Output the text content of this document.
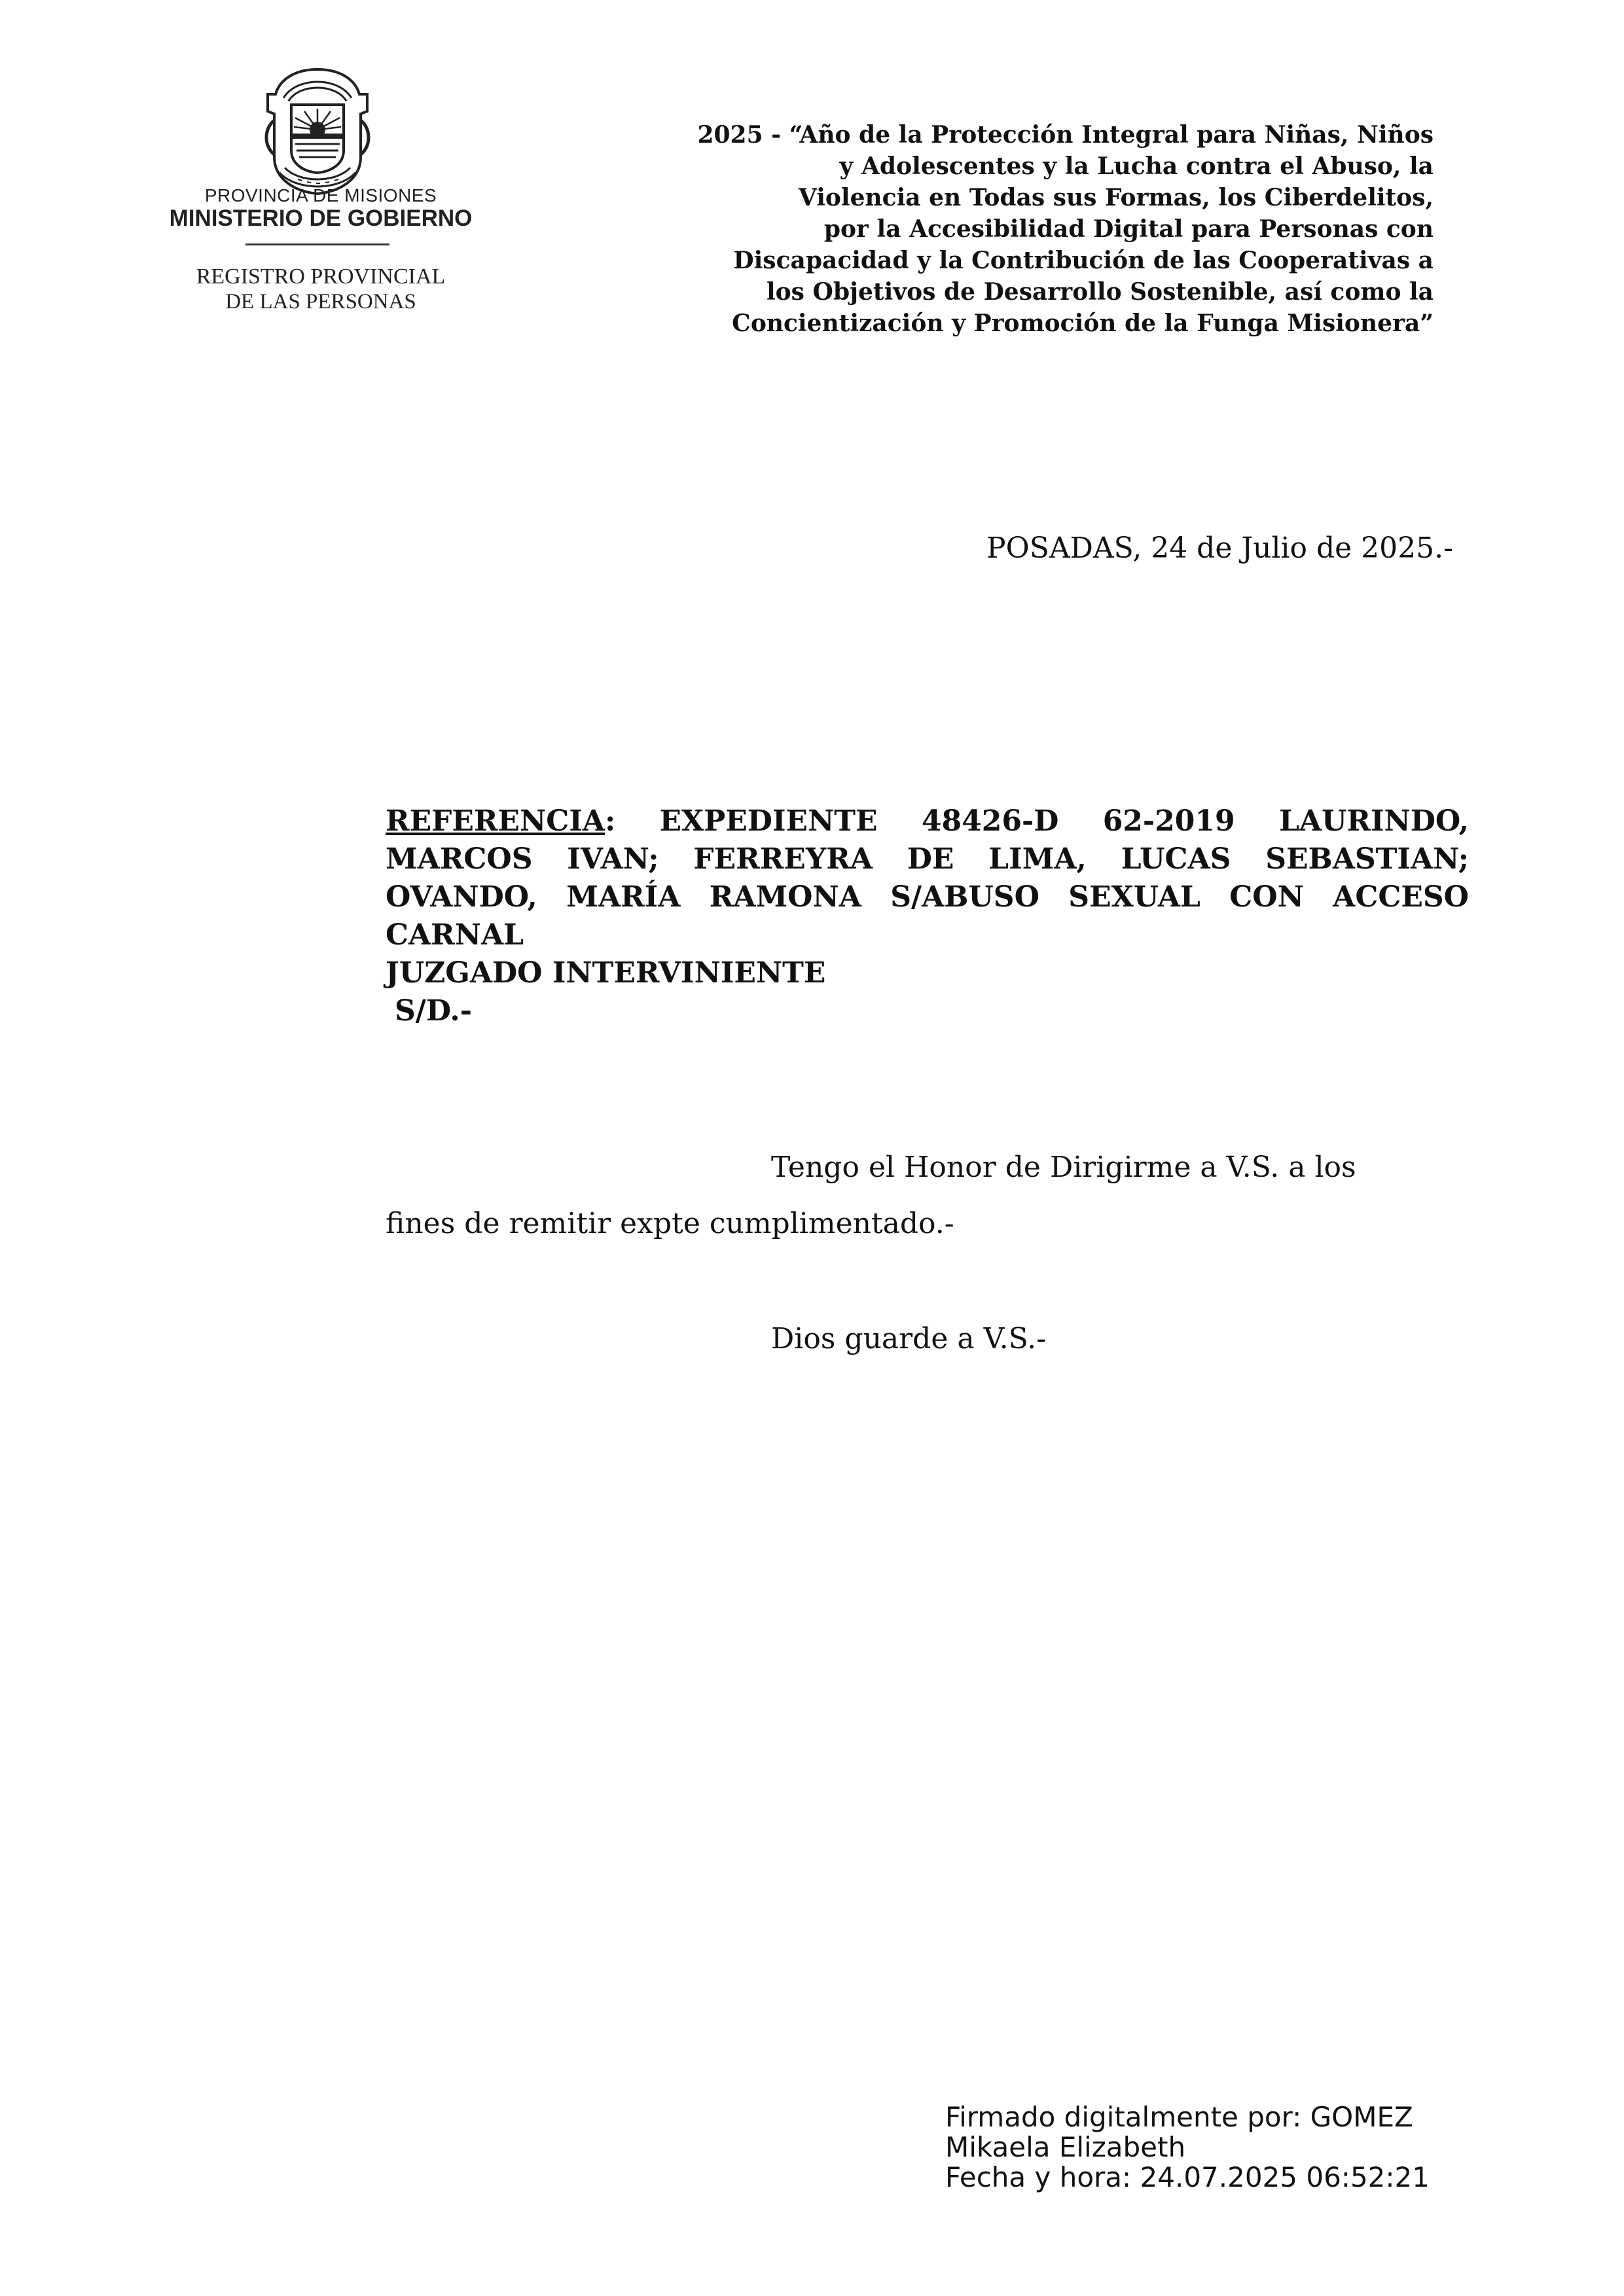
PROVINCIA DE MISIONES
MINISTERIO DE GOBIERNO
REGISTRO PROVINCIAL
DE LAS PERSONAS
2025 - “Año de la Protección Integral para Niñas, Niños
y Adolescentes y la Lucha contra el Abuso, la
Violencia en Todas sus Formas, los Ciberdelitos,
por la Accesibilidad Digital para Personas con
Discapacidad y la Contribución de las Cooperativas a
los Objetivos de Desarrollo Sostenible, así como la
Concientización y Promoción de la Funga Misionera”
POSADAS, 24 de Julio de 2025.-
REFERENCIA: EXPEDIENTE 48426-D 62-2019 LAURINDO,
MARCOS IVAN; FERREYRA DE LIMA, LUCAS SEBASTIAN;
OVANDO, MARÍA RAMONA S/ABUSO SEXUAL CON ACCESO
CARNAL
JUZGADO INTERVINIENTE
S/D.-
Tengo el Honor de Dirigirme a V.S. a los
fines de remitir expte cumplimentado.-
Dios guarde a V.S.-
Firmado digitalmente por: GOMEZ
Mikaela Elizabeth
Fecha y hora: 24.07.2025 06:52:21
